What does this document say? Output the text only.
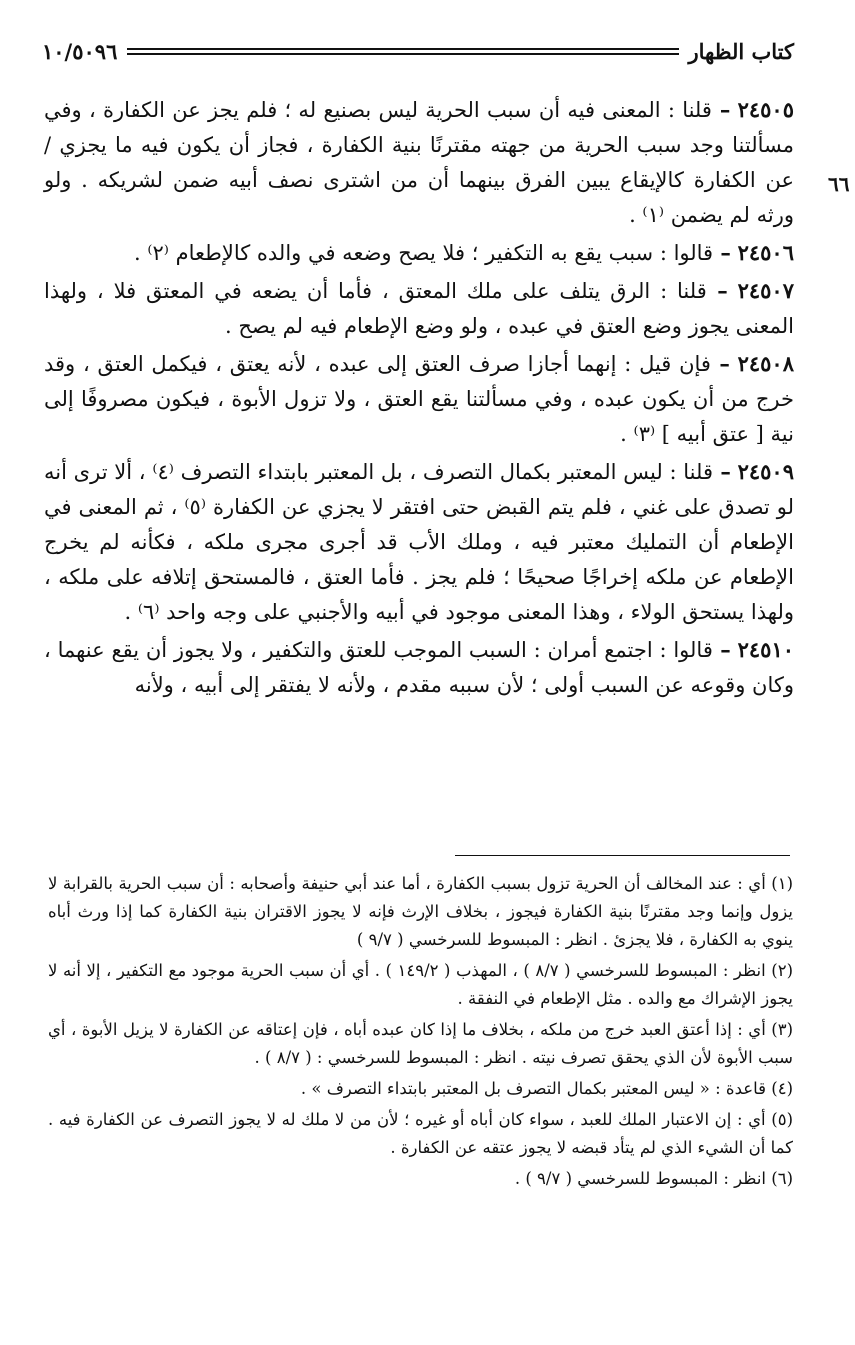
كتاب الظهار
١٠/٥٠٩٦
٦٦

٢٤٥٠٥ – قلنا : المعنى فيه أن سبب الحرية ليس بصنيع له ؛ فلم يجز عن الكفارة ، وفي مسألتنا وجد سبب الحرية من جهته مقترنًا بنية الكفارة ، فجاز أن يكون فيه ما يجزي / عن الكفارة كالإيقاع يبين الفرق بينهما أن من اشترى نصف أبيه ضمن لشريكه . ولو ورثه لم يضمن ⁽١⁾ .

٢٤٥٠٦ – قالوا : سبب يقع به التكفير ؛ فلا يصح وضعه في والده كالإطعام ⁽٢⁾ .

٢٤٥٠٧ – قلنا : الرق يتلف على ملك المعتق ، فأما أن يضعه في المعتق فلا ، ولهذا المعنى يجوز وضع العتق في عبده ، ولو وضع الإطعام فيه لم يصح .

٢٤٥٠٨ – فإن قيل : إنهما أجازا صرف العتق إلى عبده ، لأنه يعتق ، فيكمل العتق ، وقد خرج من أن يكون عبده ، وفي مسألتنا يقع العتق ، ولا تزول الأبوة ، فيكون مصروفًا إلى نية [ عتق أبيه ] ⁽٣⁾ .

٢٤٥٠٩ – قلنا : ليس المعتبر بكمال التصرف ، بل المعتبر بابتداء التصرف ⁽٤⁾ ، ألا ترى أنه لو تصدق على غني ، فلم يتم القبض حتى افتقر لا يجزي عن الكفارة ⁽٥⁾ ، ثم المعنى في الإطعام أن التمليك معتبر فيه ، وملك الأب قد أجرى مجرى ملكه ، فكأنه لم يخرج الإطعام عن ملكه إخراجًا صحيحًا ؛ فلم يجز . فأما العتق ، فالمستحق إتلافه على ملكه ، ولهذا يستحق الولاء ، وهذا المعنى موجود في أبيه والأجنبي على وجه واحد ⁽٦⁾ .

٢٤٥١٠ – قالوا : اجتمع أمران : السبب الموجب للعتق والتكفير ، ولا يجوز أن يقع عنهما ، وكان وقوعه عن السبب أولى ؛ لأن سببه مقدم ، ولأنه لا يفتقر إلى أبيه ، ولأنه

(١) أي : عند المخالف أن الحرية تزول بسبب الكفارة ، أما عند أبي حنيفة وأصحابه : أن سبب الحرية بالقرابة لا يزول وإنما وجد مقترنًا بنية الكفارة فيجوز ، بخلاف الإرث فإنه لا يجوز الاقتران بنية الكفارة كما إذا ورث أباه ينوي به الكفارة ، فلا يجزئ . انظر : المبسوط للسرخسي ( ٩/٧ )

(٢) انظر : المبسوط للسرخسي ( ٨/٧ ) ، المهذب ( ١٤٩/٢ ) . أي أن سبب الحرية موجود مع التكفير ، إلا أنه لا يجوز الإشراك مع والده . مثل الإطعام في النفقة .

(٣) أي : إذا أعتق العبد خرج من ملكه ، بخلاف ما إذا كان عبده أباه ، فإن إعتاقه عن الكفارة لا يزيل الأبوة ، أي سبب الأبوة لأن الذي يحقق تصرف نيته . انظر : المبسوط للسرخسي : ( ٨/٧ ) .

(٤) قاعدة : « ليس المعتبر بكمال التصرف بل المعتبر بابتداء التصرف » .

(٥) أي : إن الاعتبار الملك للعبد ، سواء كان أباه أو غيره ؛ لأن من لا ملك له لا يجوز التصرف عن الكفارة فيه . كما أن الشيء الذي لم يتأد قبضه لا يجوز عتقه عن الكفارة .

(٦) انظر : المبسوط للسرخسي ( ٩/٧ ) .
